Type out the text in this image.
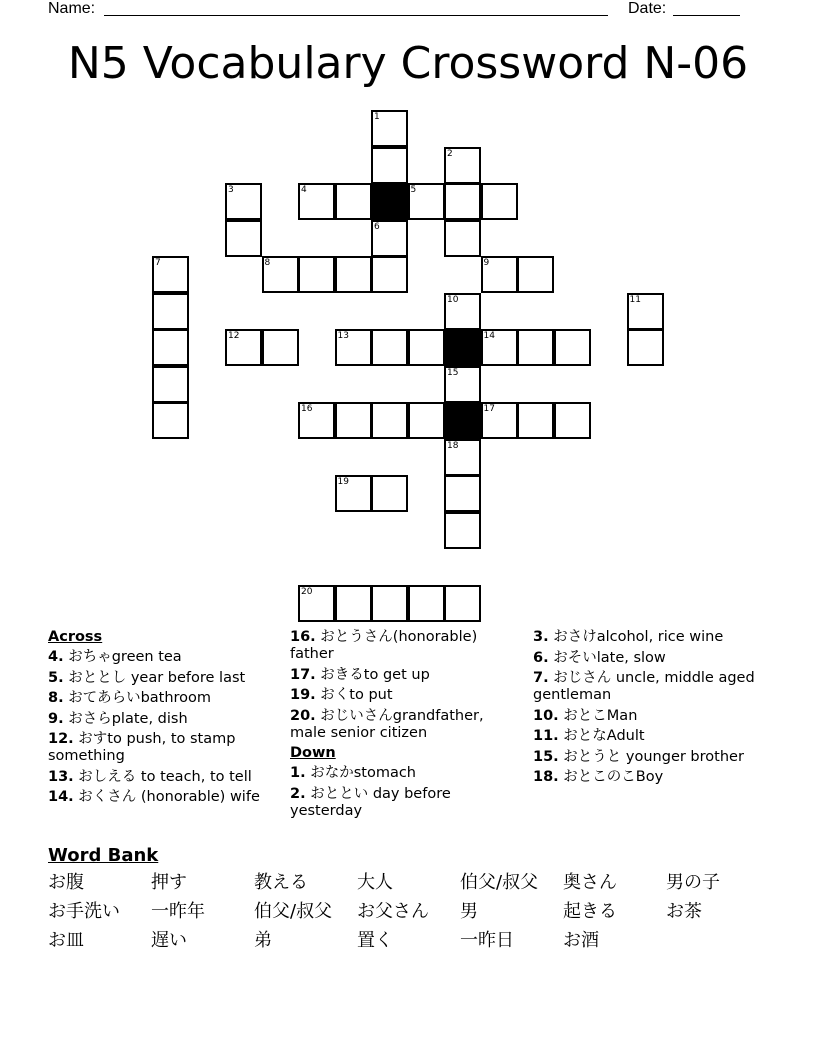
Name:	Date:
N5 Vocabulary Crossword N-06
1
2
3	4	5
6
7	8	9
10	11
12	13	14
15
16	17
18
19
20
Across
4. おちゃgreen tea
5. おととし year before last
8. おてあらいbathroom
9. おさらplate, dish
12. おすto push, to stamp something
13. おしえる to teach, to tell
14. おくさん (honorable) wife
16. おとうさん(honorable) father
17. おきるto get up
19. おくto put
20. おじいさんgrandfather, male senior citizen
Down
1. おなかstomach
2. おととい day before yesterday
3. おさけalcohol, rice wine
6. おそいlate, slow
7. おじさん uncle, middle aged gentleman
10. おとこMan
11. おとなAdult
15. おとうと younger brother
18. おとこのこBoy
Word Bank
お腹	押す	教える	大人	伯父/叔父 奥さん	男の子
お手洗い 一昨年	伯父/叔父 お父さん 男	起きる	お茶
お皿	遅い	弟	置く	一昨日	お酒
